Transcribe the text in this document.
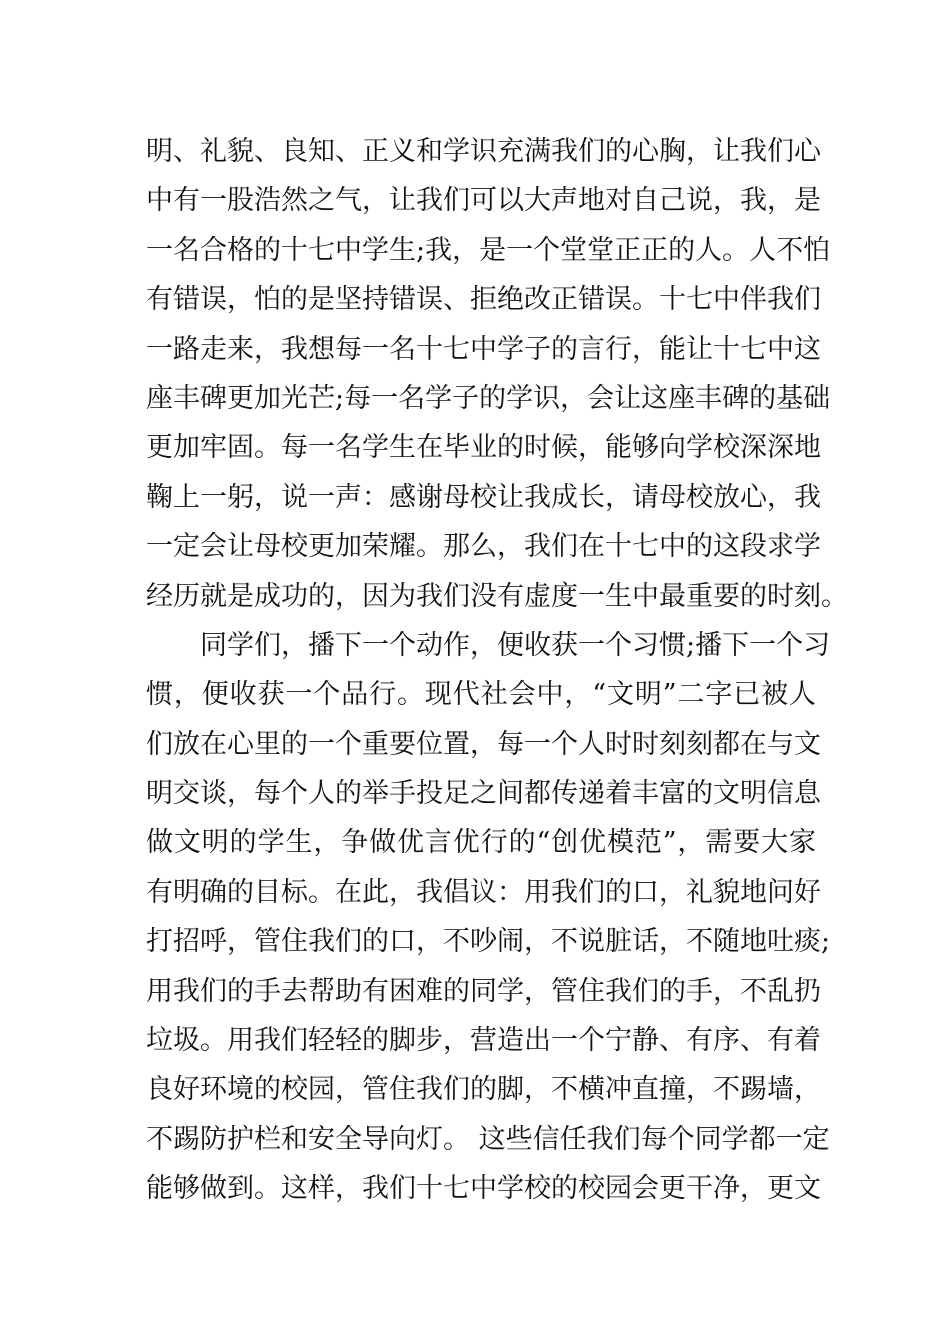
明、礼貌、良知、正义和学识充满我们的心胸，让我们心
中有一股浩然之气，让我们可以大声地对自己说，我，是
一名合格的十七中学生;我，是一个堂堂正正的人。人不怕
有错误，怕的是坚持错误、拒绝改正错误。十七中伴我们
一路走来，我想每一名十七中学子的言行，能让十七中这
座丰碑更加光芒;每一名学子的学识，会让这座丰碑的基础
更加牢固。每一名学生在毕业的时候，能够向学校深深地
鞠上一躬，说一声：感谢母校让我成长，请母校放心，我
一定会让母校更加荣耀。那么，我们在十七中的这段求学
经历就是成功的，因为我们没有虚度一生中最重要的时刻。
同学们，播下一个动作，便收获一个习惯;播下一个习
惯，便收获一个品行。现代社会中，“文明”二字已被人
们放在心里的一个重要位置，每一个人时时刻刻都在与文
明交谈，每个人的举手投足之间都传递着丰富的文明信息
做文明的学生，争做优言优行的“创优模范”，需要大家
有明确的目标。在此，我倡议：用我们的口，礼貌地问好
打招呼，管住我们的口，不吵闹，不说脏话，不随地吐痰;
用我们的手去帮助有困难的同学，管住我们的手，不乱扔
垃圾。用我们轻轻的脚步，营造出一个宁静、有序、有着
良好环境的校园，管住我们的脚，不横冲直撞，不踢墙，
不踢防护栏和安全导向灯。 这些信任我们每个同学都一定
能够做到。这样，我们十七中学校的校园会更干净，更文
